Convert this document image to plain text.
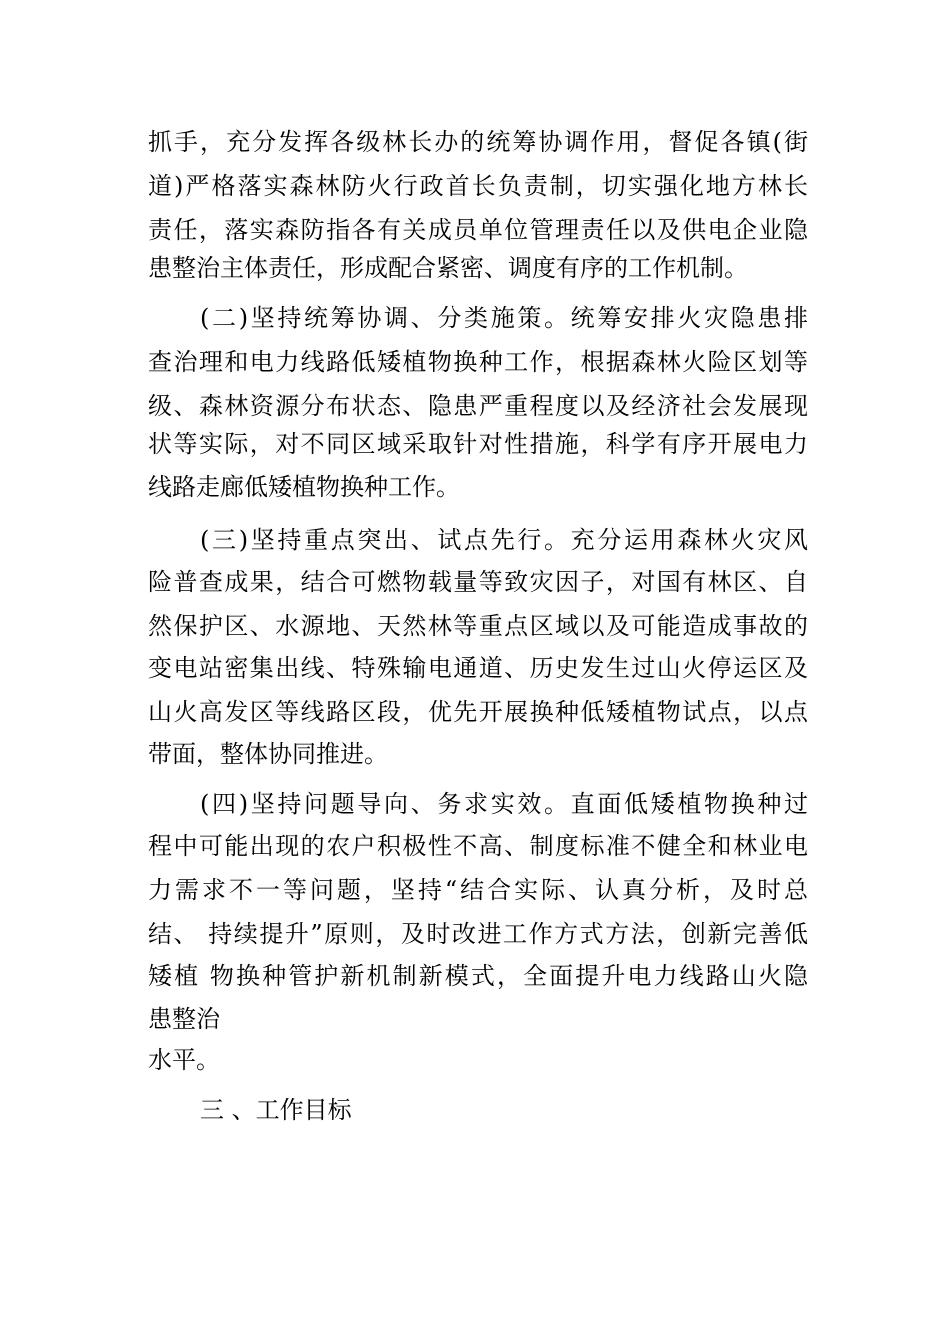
抓手，充分发挥各级林长办的统筹协调作用，督促各镇(街
道)严格落实森林防火行政首长负责制，切实强化地方林长
责任，落实森防指各有关成员单位管理责任以及供电企业隐
患整治主体责任，形成配合紧密、调度有序的工作机制。
(二)坚持统筹协调、分类施策。统筹安排火灾隐患排
查治理和电力线路低矮植物换种工作，根据森林火险区划等
级、森林资源分布状态、隐患严重程度以及经济社会发展现
状等实际，对不同区域采取针对性措施，科学有序开展电力
线路走廊低矮植物换种工作。
(三)坚持重点突出、试点先行。充分运用森林火灾风
险普查成果，结合可燃物载量等致灾因子，对国有林区、自
然保护区、水源地、天然林等重点区域以及可能造成事故的
变电站密集出线、特殊输电通道、历史发生过山火停运区及
山火高发区等线路区段，优先开展换种低矮植物试点，以点
带面，整体协同推进。
(四)坚持问题导向、务求实效。直面低矮植物换种过
程中可能出现的农户积极性不高、制度标准不健全和林业电
力需求不一等问题，坚持“结合实际、认真分析，及时总
结、 持续提升”原则，及时改进工作方式方法，创新完善低
矮植 物换种管护新机制新模式，全面提升电力线路山火隐
患整治
水平。
三 、工作目标
